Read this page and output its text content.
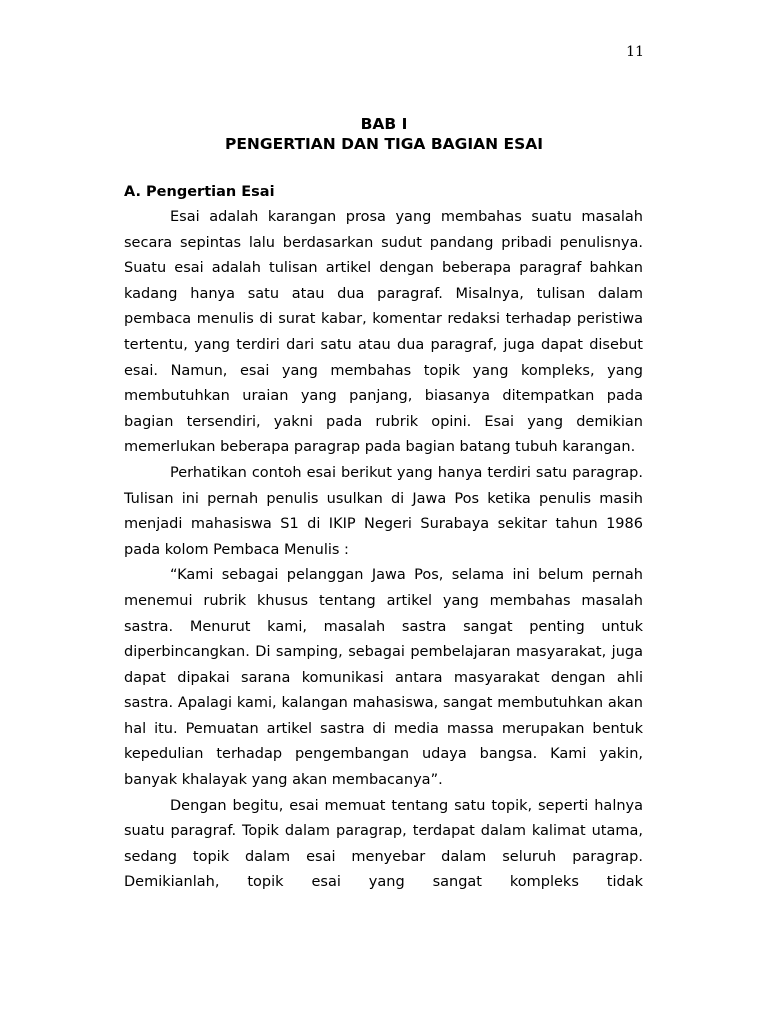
11
BAB I
PENGERTIAN DAN TIGA BAGIAN ESAI
A. Pengertian Esai

Esai adalah karangan prosa yang membahas suatu masalah secara sepintas lalu berdasarkan sudut pandang pribadi penulisnya. Suatu esai adalah tulisan artikel dengan beberapa paragraf bahkan kadang hanya satu atau dua paragraf. Misalnya, tulisan dalam pembaca menulis di surat kabar, komentar redaksi terhadap peristiwa tertentu, yang terdiri dari satu atau dua paragraf, juga dapat disebut esai. Namun, esai yang membahas topik yang kompleks, yang membutuhkan uraian yang panjang, biasanya ditempatkan pada bagian tersendiri, yakni pada rubrik opini. Esai yang demikian memerlukan beberapa paragrap pada bagian batang tubuh karangan.

Perhatikan contoh esai berikut yang hanya terdiri satu paragrap. Tulisan ini pernah penulis usulkan di Jawa Pos ketika penulis masih menjadi mahasiswa S1 di IKIP Negeri Surabaya sekitar tahun 1986 pada kolom Pembaca Menulis :

“Kami sebagai pelanggan Jawa Pos, selama ini belum pernah menemui rubrik khusus tentang artikel yang membahas masalah sastra. Menurut kami, masalah sastra sangat penting untuk diperbincangkan. Di samping, sebagai pembelajaran masyarakat, juga dapat dipakai sarana komunikasi antara masyarakat dengan ahli sastra. Apalagi kami, kalangan mahasiswa, sangat membutuhkan akan hal itu. Pemuatan artikel sastra di media massa merupakan bentuk kepedulian terhadap pengembangan udaya bangsa. Kami yakin, banyak khalayak yang akan membacanya”.

Dengan begitu, esai memuat tentang satu topik, seperti halnya suatu paragraf. Topik dalam paragrap, terdapat dalam kalimat utama, sedang topik dalam esai menyebar dalam seluruh paragrap. Demikianlah, topik esai yang sangat kompleks tidak
